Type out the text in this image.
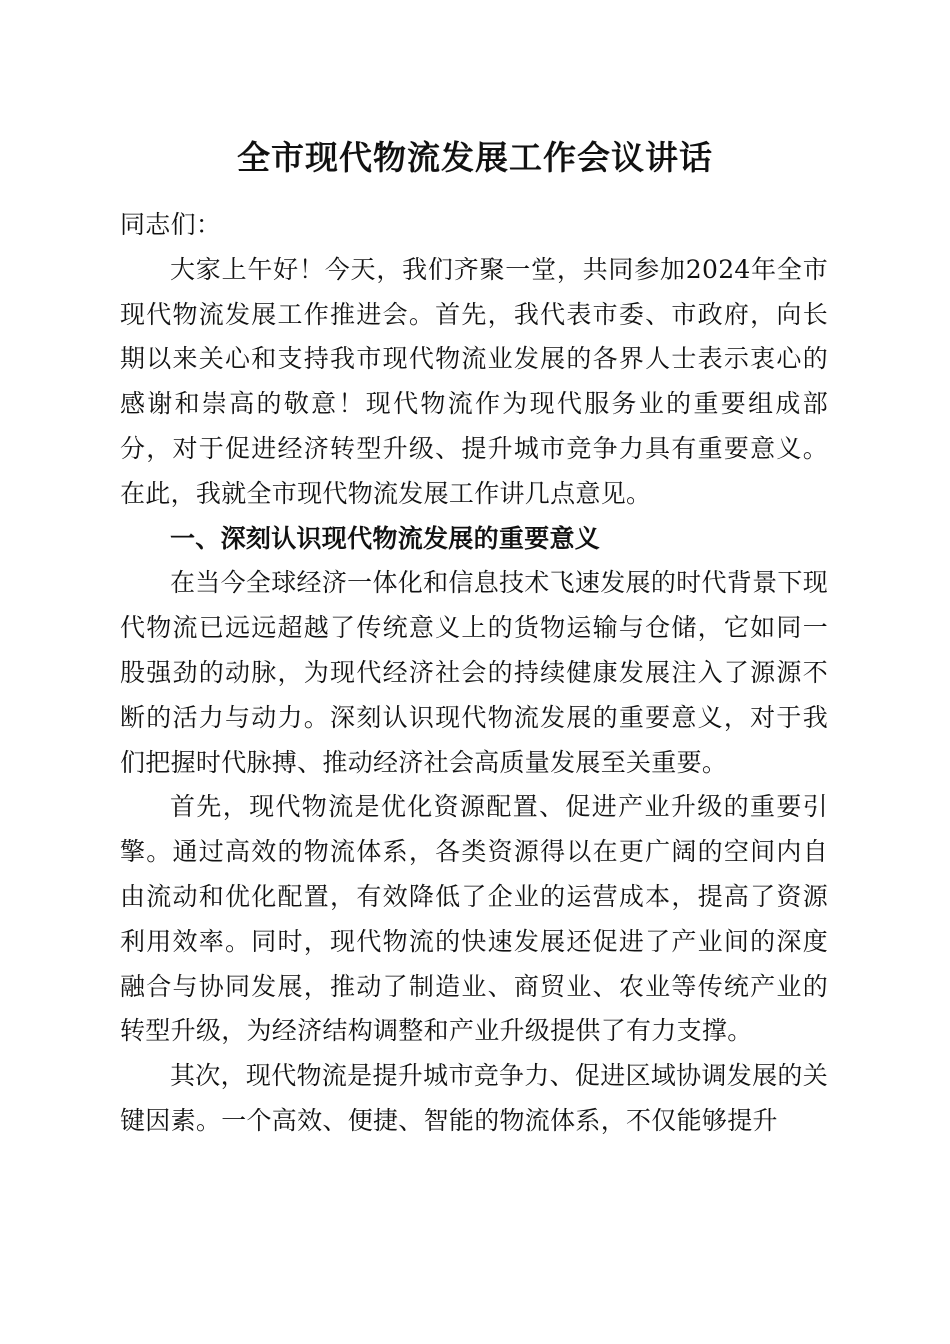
全市现代物流发展工作会议讲话

同志们：

大家上午好！今天，我们齐聚一堂，共同参加2024年全市现代物流发展工作推进会。首先，我代表市委、市政府，向长期以来关心和支持我市现代物流业发展的各界人士表示衷心的感谢和崇高的敬意！现代物流作为现代服务业的重要组成部分，对于促进经济转型升级、提升城市竞争力具有重要意义。在此，我就全市现代物流发展工作讲几点意见。

一、深刻认识现代物流发展的重要意义

在当今全球经济一体化和信息技术飞速发展的时代背景下现代物流已远远超越了传统意义上的货物运输与仓储，它如同一股强劲的动脉，为现代经济社会的持续健康发展注入了源源不断的活力与动力。深刻认识现代物流发展的重要意义，对于我们把握时代脉搏、推动经济社会高质量发展至关重要。

首先，现代物流是优化资源配置、促进产业升级的重要引擎。通过高效的物流体系，各类资源得以在更广阔的空间内自由流动和优化配置，有效降低了企业的运营成本，提高了资源利用效率。同时，现代物流的快速发展还促进了产业间的深度融合与协同发展，推动了制造业、商贸业、农业等传统产业的转型升级，为经济结构调整和产业升级提供了有力支撑。

其次，现代物流是提升城市竞争力、促进区域协调发展的关键因素。一个高效、便捷、智能的物流体系，不仅能够提升
